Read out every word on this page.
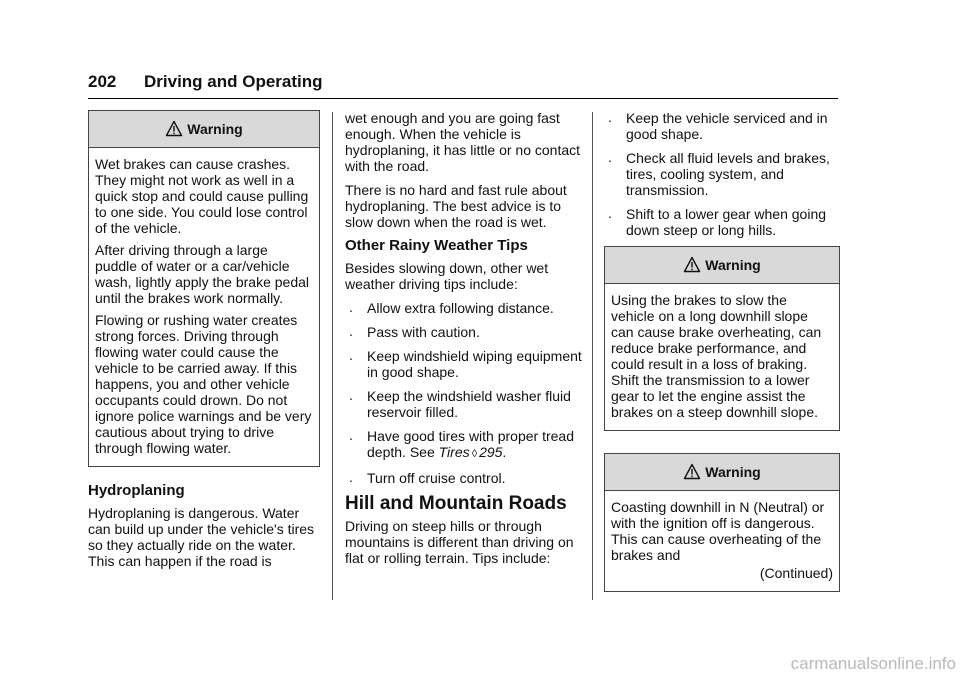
202 Driving and Operating
Warning

Wet brakes can cause crashes. They might not work as well in a quick stop and could cause pulling to one side. You could lose control of the vehicle.

After driving through a large puddle of water or a car/vehicle wash, lightly apply the brake pedal until the brakes work normally.

Flowing or rushing water creates strong forces. Driving through flowing water could cause the vehicle to be carried away. If this happens, you and other vehicle occupants could drown. Do not ignore police warnings and be very cautious about trying to drive through flowing water.

Hydroplaning

Hydroplaning is dangerous. Water can build up under the vehicle's tires so they actually ride on the water. This can happen if the road is

wet enough and you are going fast enough. When the vehicle is hydroplaning, it has little or no contact with the road.

There is no hard and fast rule about hydroplaning. The best advice is to slow down when the road is wet.

Other Rainy Weather Tips

Besides slowing down, other wet weather driving tips include:

. Allow extra following distance.
. Pass with caution.
. Keep windshield wiping equipment in good shape.
. Keep the windshield washer fluid reservoir filled.
. Have good tires with proper tread depth. See Tires ◊ 295.
. Turn off cruise control.
Hill and Mountain Roads

Driving on steep hills or through mountains is different than driving on flat or rolling terrain. Tips include:

. Keep the vehicle serviced and in good shape.
. Check all fluid levels and brakes, tires, cooling system, and transmission.
. Shift to a lower gear when going down steep or long hills.
Warning

Using the brakes to slow the vehicle on a long downhill slope can cause brake overheating, can reduce brake performance, and could result in a loss of braking. Shift the transmission to a lower gear to let the engine assist the brakes on a steep downhill slope.

Warning

Coasting downhill in N (Neutral) or with the ignition off is dangerous. This can cause overheating of the brakes and

(Continued)

carmanualsonline.info
